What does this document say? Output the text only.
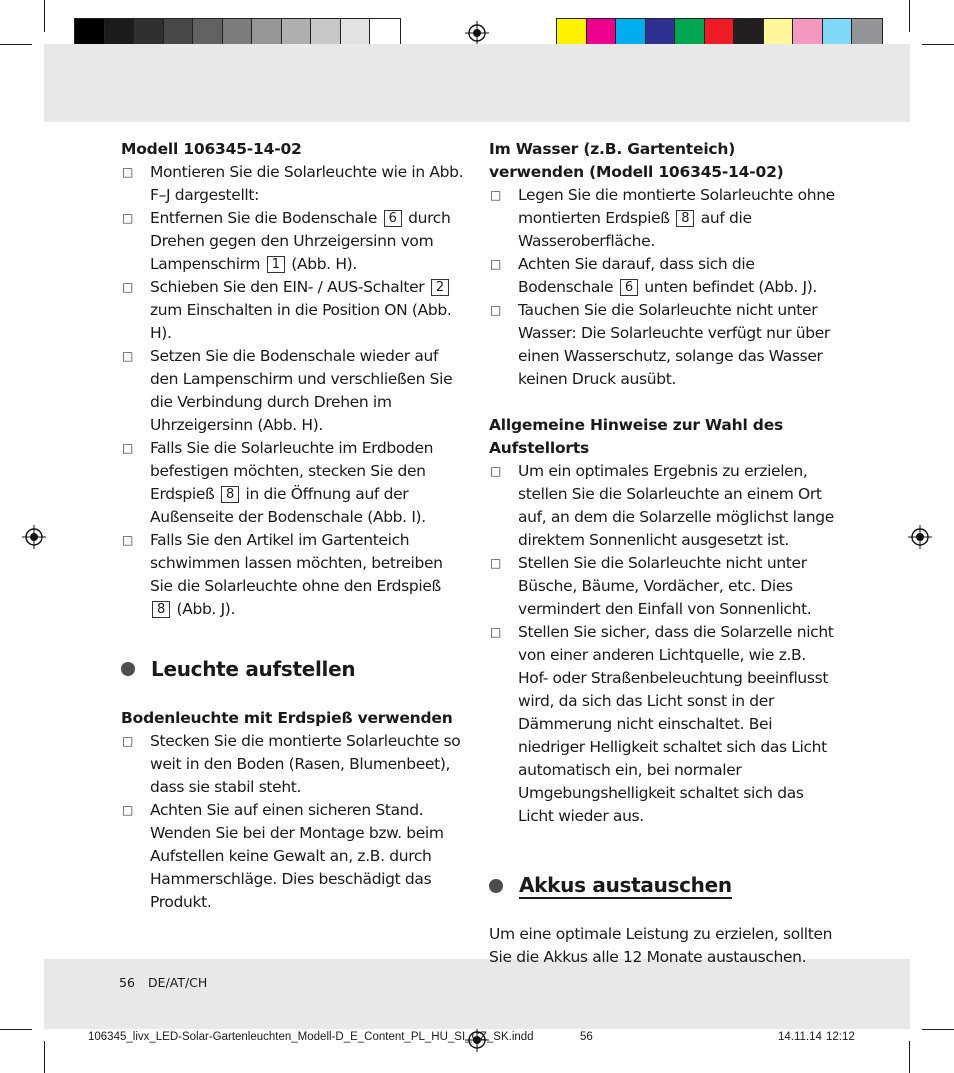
Modell 106345-14-02
□	Montieren Sie die Solarleuchte wie in Abb. F–J dargestellt:
□	Entfernen Sie die Bodenschale 6 durch Drehen gegen den Uhrzeigersinn vom Lampenschirm 1 (Abb. H).
□	Schieben Sie den EIN- / AUS-Schalter 2 zum Einschalten in die Position ON (Abb. H).
□	Setzen Sie die Bodenschale wieder auf den Lampenschirm und verschließen Sie die Verbindung durch Drehen im Uhrzeigersinn (Abb. H).
□	Falls Sie die Solarleuchte im Erdboden befestigen möchten, stecken Sie den Erdspieß 8 in die Öffnung auf der Außenseite der Bodenschale (Abb. I).
□	Falls Sie den Artikel im Gartenteich schwimmen lassen möchten, betreiben Sie die Solarleuchte ohne den Erdspieß 8 (Abb. J).
Leuchte aufstellen
Bodenleuchte mit Erdspieß verwenden
□	Stecken Sie die montierte Solarleuchte so weit in den Boden (Rasen, Blumenbeet), dass sie stabil steht.
□	Achten Sie auf einen sicheren Stand. Wenden Sie bei der Montage bzw. beim Aufstellen keine Gewalt an, z.B. durch Hammerschläge. Dies beschädigt das Produkt.
Im Wasser (z.B. Gartenteich) verwenden (Modell 106345-14-02)
□	Legen Sie die montierte Solarleuchte ohne montierten Erdspieß 8 auf die Wasseroberfläche.
□	Achten Sie darauf, dass sich die Bodenschale 6 unten befindet (Abb. J).
□	Tauchen Sie die Solarleuchte nicht unter Wasser: Die Solarleuchte verfügt nur über einen Wasserschutz, solange das Wasser keinen Druck ausübt.
Allgemeine Hinweise zur Wahl des Aufstellorts
□	Um ein optimales Ergebnis zu erzielen, stellen Sie die Solarleuchte an einem Ort auf, an dem die Solarzelle möglichst lange direktem Sonnenlicht ausgesetzt ist.
□	Stellen Sie die Solarleuchte nicht unter Büsche, Bäume, Vordächer, etc. Dies vermindert den Einfall von Sonnenlicht.
□	Stellen Sie sicher, dass die Solarzelle nicht von einer anderen Lichtquelle, wie z.B. Hof- oder Straßenbeleuchtung beeinflusst wird, da sich das Licht sonst in der Dämmerung nicht einschaltet. Bei niedriger Helligkeit schaltet sich das Licht automatisch ein, bei normaler Umgebungshelligkeit schaltet sich das Licht wieder aus.
Akkus austauschen
Um eine optimale Leistung zu erzielen, sollten Sie die Akkus alle 12 Monate austauschen.
56 DE/AT/CH
106345_livx_LED-Solar-Gartenleuchten_Modell-D_E_Content_PL_HU_SI_CZ_SK.indd	56	14.11.14 12:12
